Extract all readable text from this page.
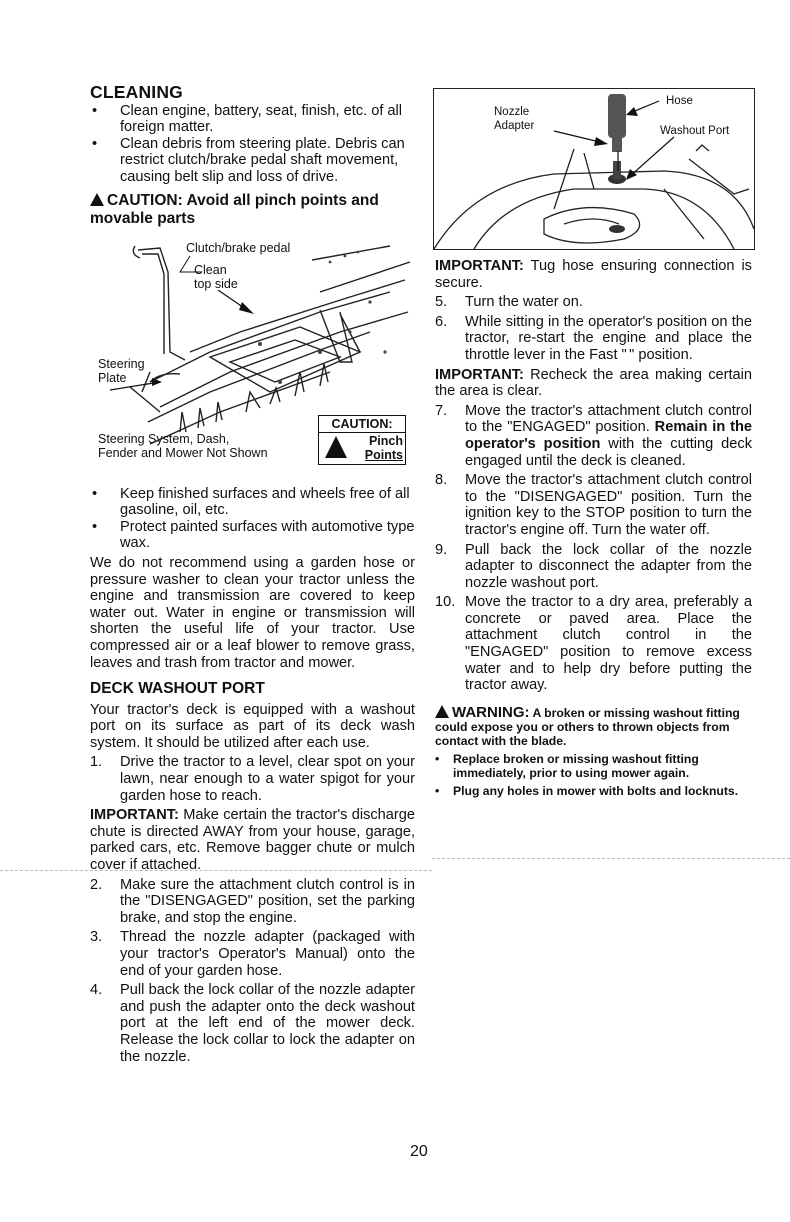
CLEANING
•	Clean engine, battery, seat, finish, etc. of all foreign matter.
•	Clean debris from steering plate. Debris can restrict clutch/brake pedal shaft movement, causing belt slip and loss of drive.
CAUTION: Avoid all pinch points and movable parts
Clutch/brake pedal
Clean
top side
Steering
Plate
Steering System, Dash,
Fender and Mower Not Shown
CAUTION:
Pinch
Points
•	Keep finished surfaces and wheels free of all gasoline, oil, etc.
•	Protect painted surfaces with automotive type wax.

We do not recommend using a garden hose or pressure washer to clean your tractor unless the engine and transmission are covered to keep water out. Water in engine or transmission will shorten the useful life of your tractor. Use compressed air or a leaf blower to remove grass, leaves and trash from tractor and mower.

DECK WASHOUT PORT

Your tractor's deck is equipped with a washout port on its surface as part of its deck wash system. It should be utilized after each use.

1.	Drive the tractor to a level, clear spot on your lawn, near enough to a water spigot for your garden hose to reach.

IMPORTANT: Make certain the tractor's discharge chute is directed AWAY from your house, garage, parked cars, etc. Remove bagger chute or mulch cover if attached.

2.	Make sure the attachment clutch control is in the "DISENGAGED" position, set the parking brake, and stop the engine.
3.	Thread the nozzle adapter (packaged with your tractor's Operator's Manual) onto the end of your garden hose.
4.	Pull back the lock collar of the nozzle adapter and push the adapter onto the deck washout port at the left end of the mower deck. Release the lock collar to lock the adapter on the nozzle.
Nozzle
Adapter
Hose
Washout Port

IMPORTANT: Tug hose ensuring connection is secure.

5.	Turn the water on.
6.	While sitting in the operator's position on the tractor, re-start the engine and place the throttle lever in the Fast " " position.

IMPORTANT: Recheck the area making certain the area is clear.

7.	Move the tractor's attachment clutch control to the "ENGAGED" position. Remain in the operator's position with the cutting deck engaged until the deck is cleaned.
8.	Move the tractor's attachment clutch control to the "DISENGAGED" position. Turn the ignition key to the STOP position to turn the tractor's engine off. Turn the water off.
9.	Pull back the lock collar of the nozzle adapter to disconnect the adapter from the nozzle washout port.
10. Move the tractor to a dry area, preferably a concrete or paved area. Place the attachment clutch control in the "ENGAGED" position to remove excess water and to help dry before putting the tractor away.
WARNING: A broken or missing washout fitting could expose you or others to thrown objects from contact with the blade.
•	Replace broken or missing washout fitting immediately, prior to using mower again.
•	Plug any holes in mower with bolts and locknuts.
20
